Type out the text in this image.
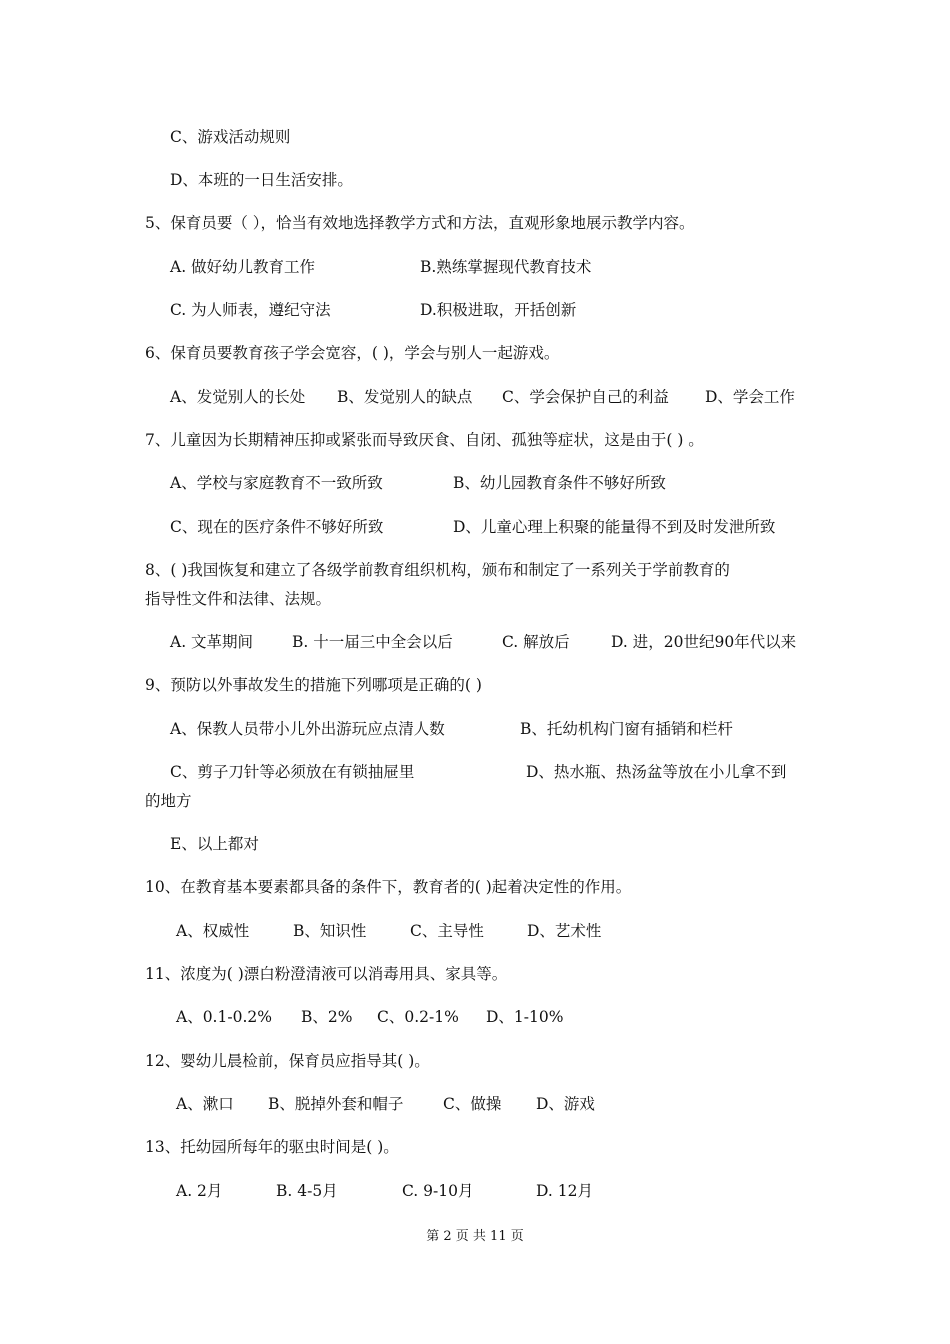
C、游戏活动规则
D、本班的一日生活安排。
5、保育员要（ ），恰当有效地选择教学方式和方法，直观形象地展示教学内容。
A. 做好幼儿教育工作	B.熟练掌握现代教育技术
C. 为人师表，遵纪守法	D.积极进取，开括创新
6、保育员要教育孩子学会宽容，( )，学会与别人一起游戏。
A、发觉别人的长处 B、发觉别人的缺点 C、学会保护自己的利益 D、学会工作
7、儿童因为长期精神压抑或紧张而导致厌食、自闭、孤独等症状，这是由于( ) 。
A、学校与家庭教育不一致所致	B、幼儿园教育条件不够好所致
C、现在的医疗条件不够好所致	D、儿童心理上积聚的能量得不到及时发泄所致
8、( )我国恢复和建立了各级学前教育组织机构，颁布和制定了一系列关于学前教育的
指导性文件和法律、法规。
A. 文革期间	B. 十一届三中全会以后	C. 解放后	D. 进，20世纪90年代以来
9、预防以外事故发生的措施下列哪项是正确的( )
A、保教人员带小儿外出游玩应点清人数	B、托幼机构门窗有插销和栏杆
C、剪子刀针等必须放在有锁抽屉里	D、热水瓶、热汤盆等放在小儿拿不到
的地方
E、以上都对
10、在教育基本要素都具备的条件下，教育者的( )起着决定性的作用。
A、权威性	B、知识性	C、主导性	D、艺术性
11、浓度为( )漂白粉澄清液可以消毒用具、家具等。
A、0.1-0.2% B、2% C、0.2-1% D、1-10%
12、婴幼儿晨检前，保育员应指导其( )。
A、漱口 B、脱掉外套和帽子	C、做操 D、游戏
13、托幼园所每年的驱虫时间是( )。
A. 2月	B. 4-5月	C. 9-10月	D. 12月
第 2 页 共 11 页
